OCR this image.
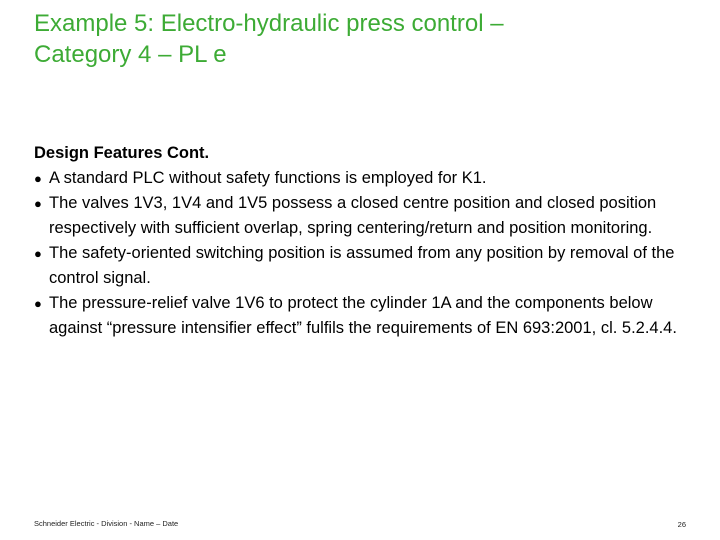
Example 5: Electro-hydraulic press control –
Category 4 – PL e
Design Features Cont.
● A standard PLC without safety functions is employed for K1.
● The valves 1V3, 1V4 and 1V5 possess a closed centre position and closed position respectively with sufficient overlap, spring centering/return and position monitoring.
● The safety-oriented switching position is assumed from any position by removal of the control signal.
● The pressure-relief valve 1V6 to protect the cylinder 1A and the components below against “pressure intensifier effect” fulfils the requirements of EN 693:2001, cl. 5.2.4.4.
Schneider Electric - Division - Name – Date	26
